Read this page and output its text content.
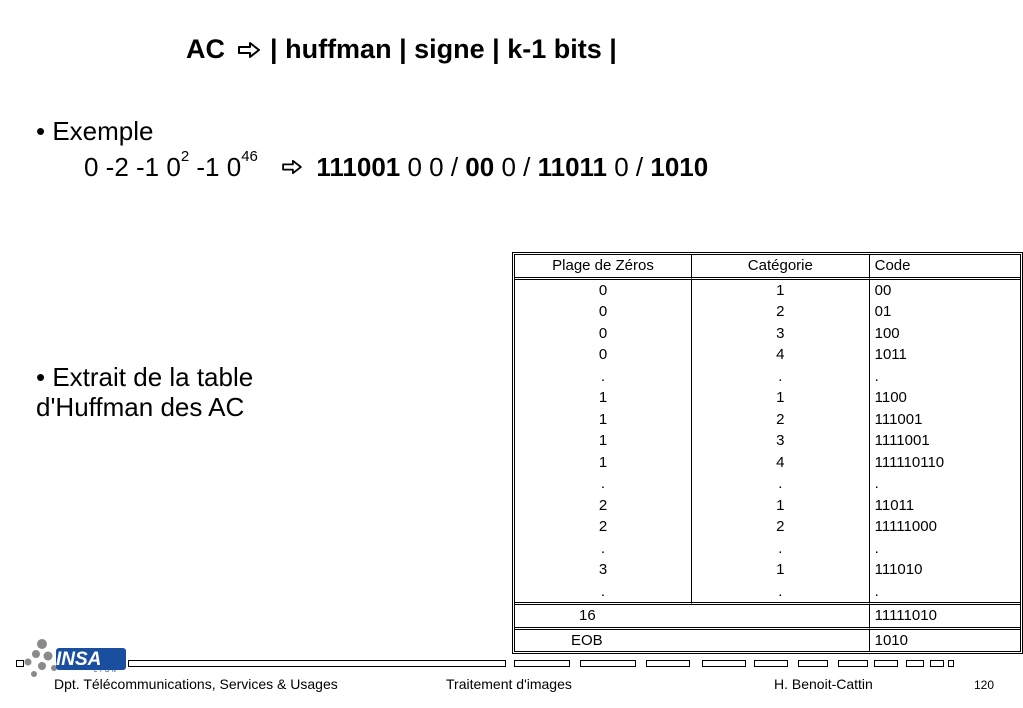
AC | huffman | signe | k-1 bits |
• Exemple
0 -2 -1 $0^2$ -1 $0^{46}$ 111001 0 0 / 00 0 / 11011 0 / 1010
• Extrait de la table
d'Huffman des AC
Plage de Zéros	Catégorie	Code
0	1	00
0	2	01
0	3	100
0	4	1011
.	.	.
1	1	1100
1	2	111001
1	3	1111001
1	4	111110110
.	.	.
2	1	11011
2	2	11111000
.	.	.
3	1	111010
.	.	.
16		11111010
EOB		1010
INSA
LYON
Dpt. Télécommunications, Services & Usages	Traitement d'images	H. Benoit-Cattin	120
